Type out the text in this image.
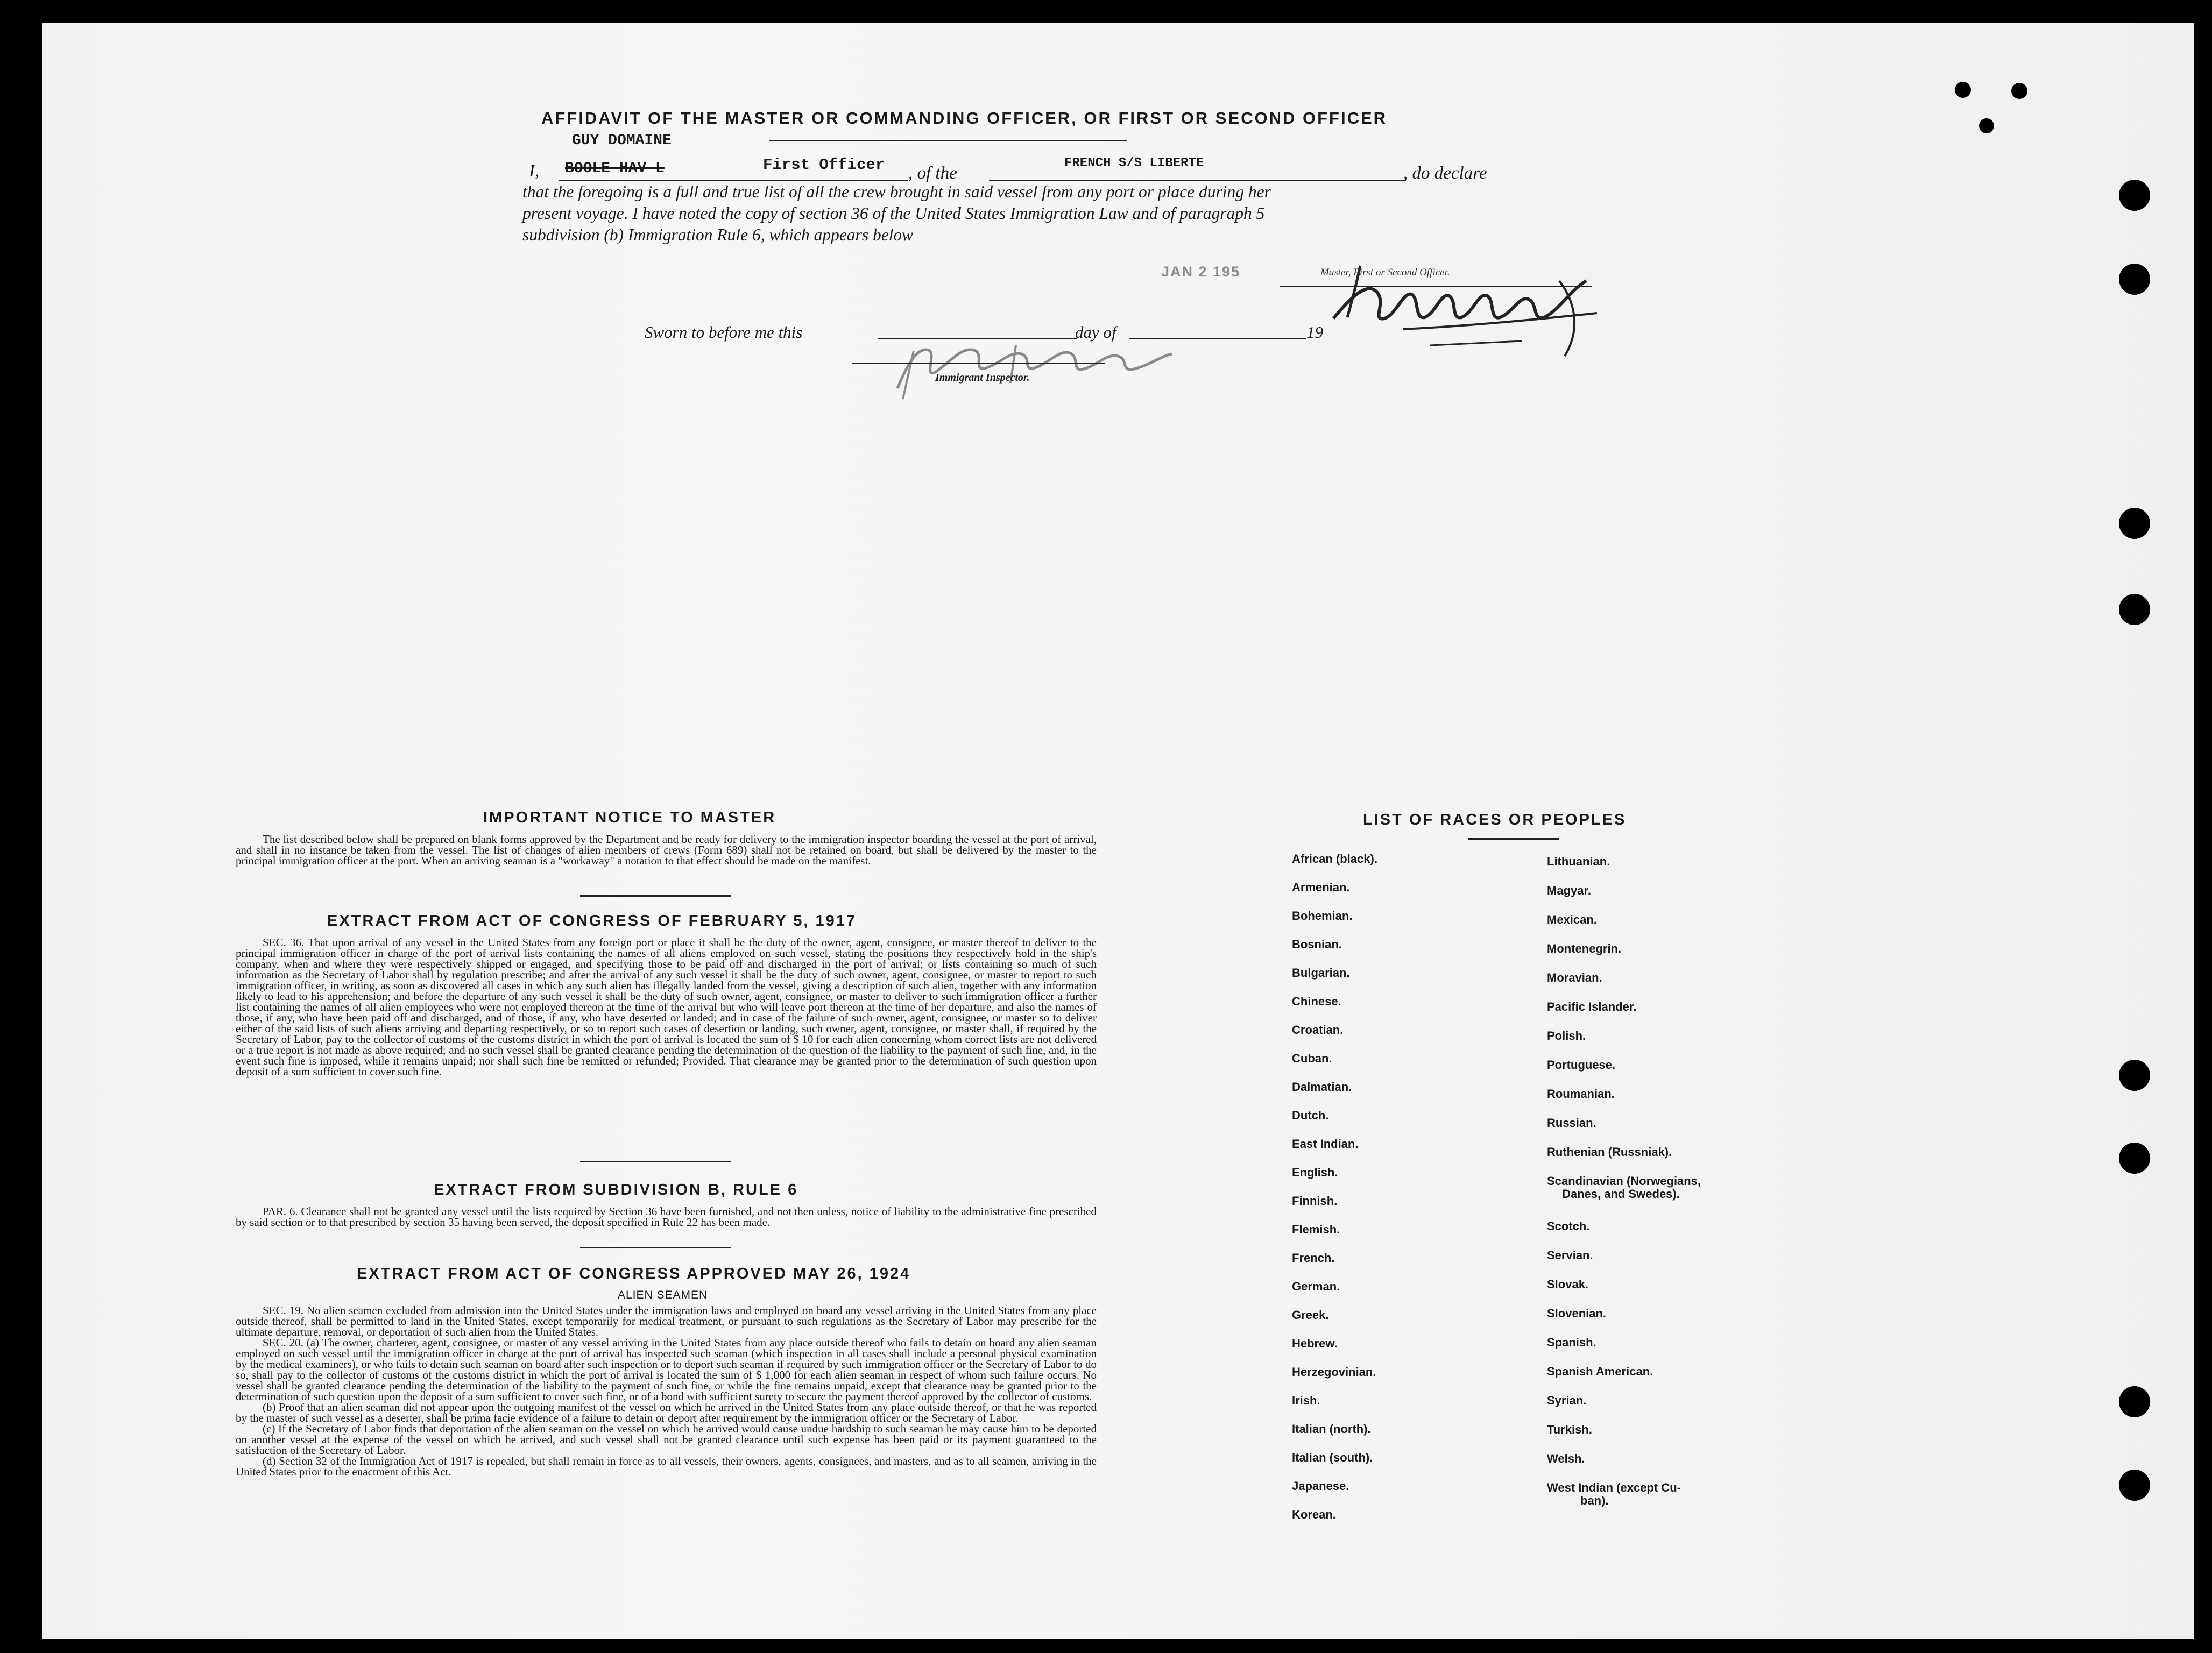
AFFIDAVIT OF THE MASTER OR COMMANDING OFFICER, OR FIRST OR SECOND OFFICER
GUY DOMAINE
I, BOOLE HAV L	First Officer , of the
FRENCH S/S LIBERTE
, do declare
that the foregoing is a full and true list of all the crew brought in said vessel from any port or place during her
present voyage. I have noted the copy of section 36 of the United States Immigration Law and of paragraph 5
subdivision (b) Immigration Rule 6, which appears below
JAN 2 195	Master, First or Second Officer.
Sworn to before me this	day of	19
Immigrant Inspector.
IMPORTANT NOTICE TO MASTER

The list described below shall be prepared on blank forms approved by the Department and be ready for delivery to the immigration inspector boarding the vessel at the port of arrival, and shall in no instance be taken from the vessel. The list of changes of alien members of crews (Form 689) shall not be retained on board, but shall be delivered by the master to the principal immigration officer at the port. When an arriving seaman is a "workaway" a notation to that effect should be made on the manifest.

EXTRACT FROM ACT OF CONGRESS OF FEBRUARY 5, 1917

SEC. 36. That upon arrival of any vessel in the United States from any foreign port or place it shall be the duty of the owner, agent, consignee, or master thereof to deliver to the principal immigration officer in charge of the port of arrival lists containing the names of all aliens employed on such vessel, stating the positions they respectively hold in the ship's company, when and where they were respectively shipped or engaged, and specifying those to be paid off and discharged in the port of arrival; or lists containing so much of such information as the Secretary of Labor shall by regulation prescribe; and after the arrival of any such vessel it shall be the duty of such owner, agent, consignee, or master to report to such immigration officer, in writing, as soon as discovered all cases in which any such alien has illegally landed from the vessel, giving a description of such alien, together with any information likely to lead to his apprehension; and before the departure of any such vessel it shall be the duty of such owner, agent, consignee, or master to deliver to such immigration officer a further list containing the names of all alien employees who were not employed thereon at the time of the arrival but who will leave port thereon at the time of her departure, and also the names of those, if any, who have been paid off and discharged, and of those, if any, who have deserted or landed; and in case of the failure of such owner, agent, consignee, or master so to deliver either of the said lists of such aliens arriving and departing respectively, or so to report such cases of desertion or landing, such owner, agent, consignee, or master shall, if required by the Secretary of Labor, pay to the collector of customs of the customs district in which the port of arrival is located the sum of $ 10 for each alien concerning whom correct lists are not delivered or a true report is not made as above required; and no such vessel shall be granted clearance pending the determination of the question of the liability to the payment of such fine, and, in the event such fine is imposed, while it remains unpaid; nor shall such fine be remitted or refunded; Provided. That clearance may be granted prior to the determination of such question upon deposit of a sum sufficient to cover such fine.

EXTRACT FROM SUBDIVISION B, RULE 6

PAR. 6. Clearance shall not be granted any vessel until the lists required by Section 36 have been furnished, and not then unless, notice of liability to the administrative fine prescribed by said section or to that prescribed by section 35 having been served, the deposit specified in Rule 22 has been made.

EXTRACT FROM ACT OF CONGRESS APPROVED MAY 26, 1924
ALIEN SEAMEN

SEC. 19. No alien seamen excluded from admission into the United States under the immigration laws and employed on board any vessel arriving in the United States from any place outside thereof, shall be permitted to land in the United States, except temporarily for medical treatment, or pursuant to such regulations as the Secretary of Labor may prescribe for the ultimate departure, removal, or deportation of such alien from the United States.

SEC. 20. (a) The owner, charterer, agent, consignee, or master of any vessel arriving in the United States from any place outside thereof who fails to detain on board any alien seaman employed on such vessel until the immigration officer in charge at the port of arrival has inspected such seaman (which inspection in all cases shall include a personal physical examination by the medical examiners), or who fails to detain such seaman on board after such inspection or to deport such seaman if required by such immigration officer or the Secretary of Labor to do so, shall pay to the collector of customs of the customs district in which the port of arrival is located the sum of $ 1,000 for each alien seaman in respect of whom such failure occurs. No vessel shall be granted clearance pending the determination of the liability to the payment of such fine, or while the fine remains unpaid, except that clearance may be granted prior to the determination of such question upon the deposit of a sum sufficient to cover such fine, or of a bond with sufficient surety to secure the payment thereof approved by the collector of customs.

(b) Proof that an alien seaman did not appear upon the outgoing manifest of the vessel on which he arrived in the United States from any place outside thereof, or that he was reported by the master of such vessel as a deserter, shall be prima facie evidence of a failure to detain or deport after requirement by the immigration officer or the Secretary of Labor.

(c) If the Secretary of Labor finds that deportation of the alien seaman on the vessel on which he arrived would cause undue hardship to such seaman he may cause him to be deported on another vessel at the expense of the vessel on which he arrived, and such vessel shall not be granted clearance until such expense has been paid or its payment guaranteed to the satisfaction of the Secretary of Labor.

(d) Section 32 of the Immigration Act of 1917 is repealed, but shall remain in force as to all vessels, their owners, agents, consignees, and masters, and as to all seamen, arriving in the United States prior to the enactment of this Act.

LIST OF RACES OR PEOPLES
African (black).
Armenian.
Bohemian.
Bosnian.
Bulgarian.
Chinese.
Croatian.
Cuban.
Dalmatian.
Dutch.
East Indian.
English.
Finnish.
Flemish.
French.
German.
Greek.
Hebrew.
Herzegovinian.
Irish.
Italian (north).
Italian (south).
Japanese.
Korean.
Lithuanian.
Magyar.
Mexican.
Montenegrin.
Moravian.
Pacific Islander.
Polish.
Portuguese.
Roumanian.
Russian.
Ruthenian (Russniak).
Scandinavian (Norwegians,
Danes, and Swedes).
Scotch.
Servian.
Slovak.
Slovenian.
Spanish.
Spanish American.
Syrian.
Turkish.
Welsh.
West Indian (except Cu-
ban).
